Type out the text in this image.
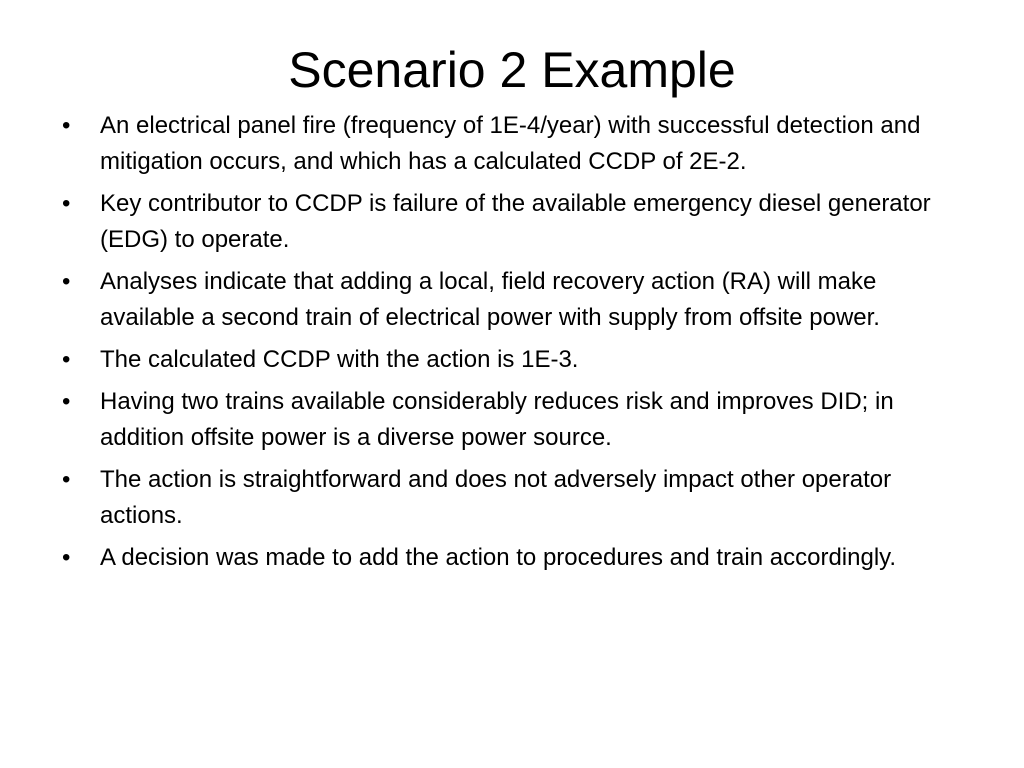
Scenario 2 Example
•	An electrical panel fire (frequency of 1E-4/year) with successful detection and mitigation occurs, and which has a calculated CCDP of 2E-2.
•	Key contributor to CCDP is failure of the available emergency diesel generator (EDG) to operate.
•	Analyses indicate that adding a local, field recovery action (RA) will make available a second train of electrical power with supply from offsite power.
•	The calculated CCDP with the action is 1E-3.
•	Having two trains available considerably reduces risk and improves DID; in addition offsite power is a diverse power source.
•	The action is straightforward and does not adversely impact other operator actions.
•	A decision was made to add the action to procedures and train accordingly.
